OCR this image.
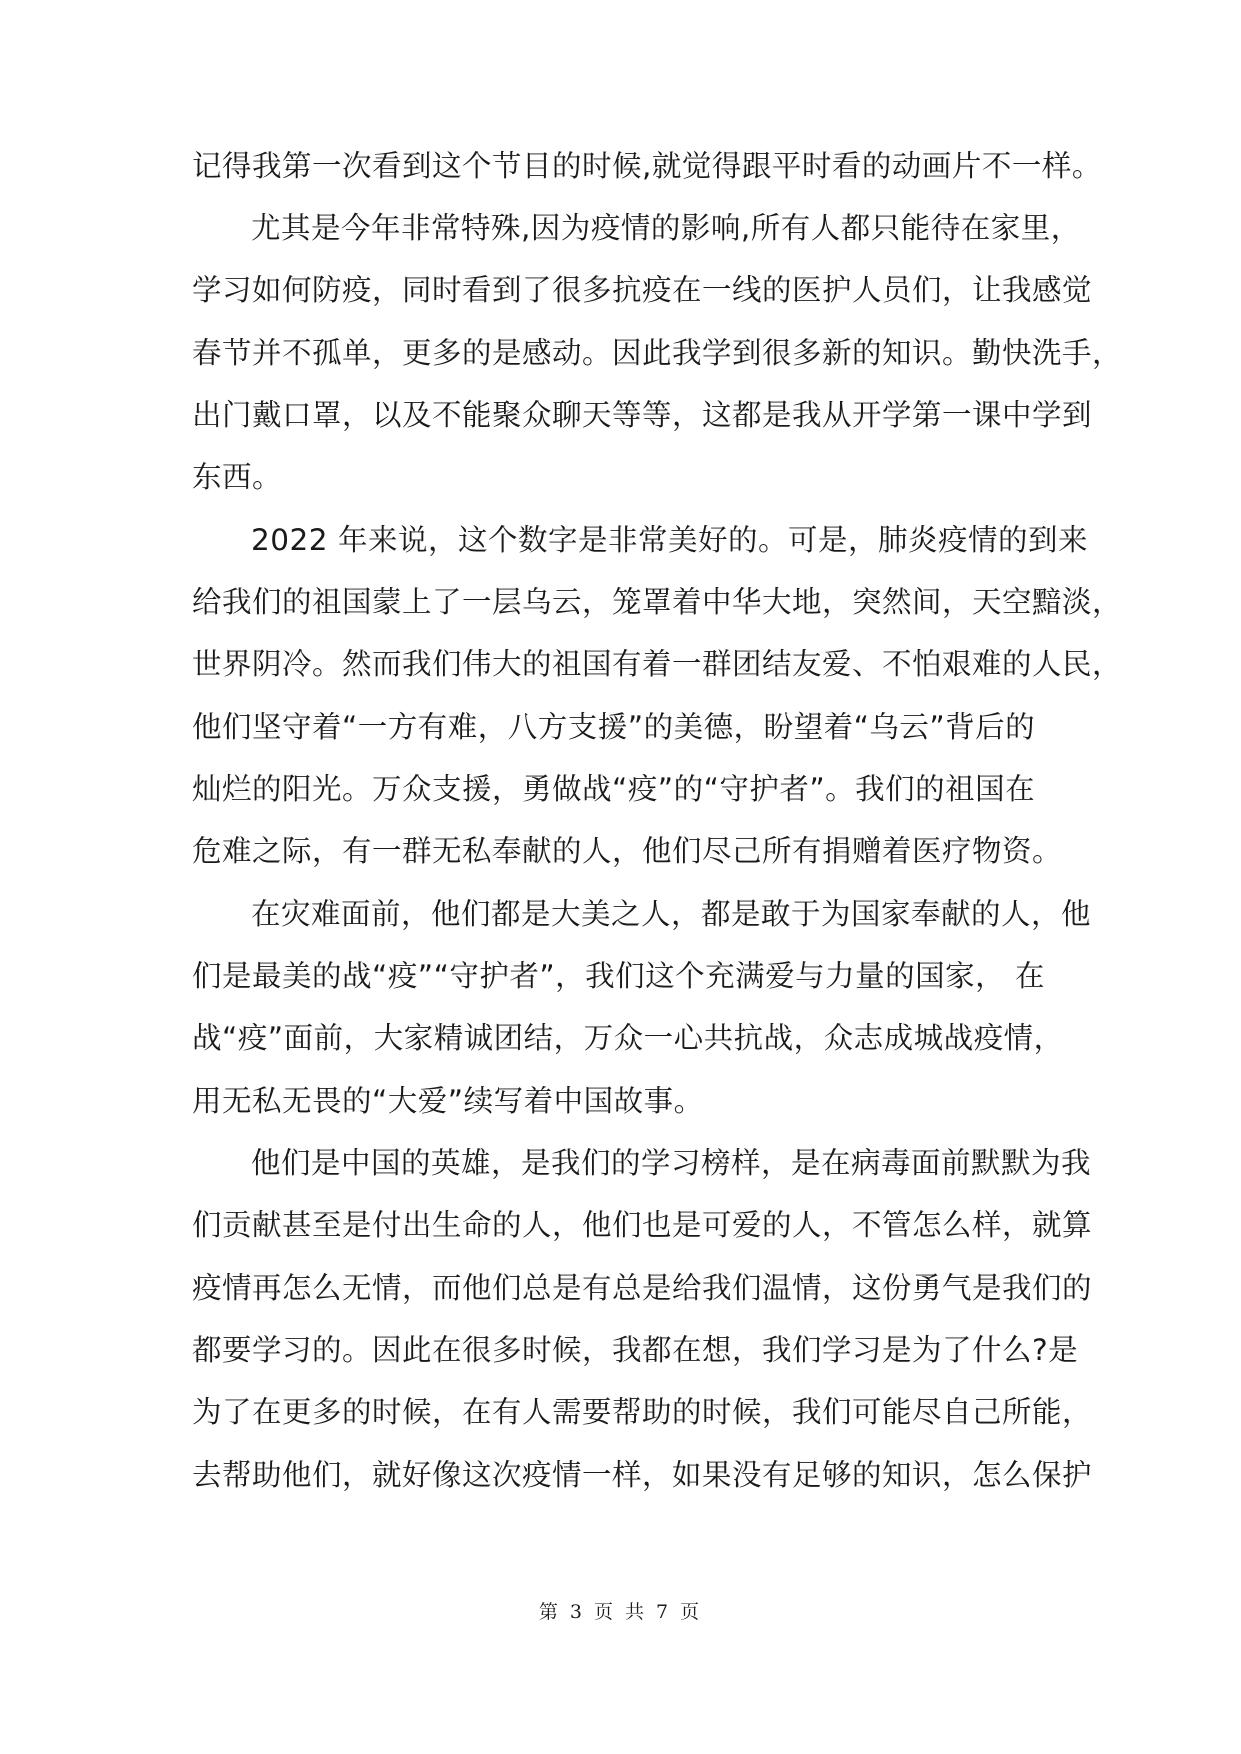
记得我第一次看到这个节目的时候,就觉得跟平时看的动画片不一样。
尤其是今年非常特殊,因为疫情的影响,所有人都只能待在家里，
学习如何防疫，同时看到了很多抗疫在一线的医护人员们，让我感觉
春节并不孤单，更多的是感动。因此我学到很多新的知识。勤快洗手，
出门戴口罩，以及不能聚众聊天等等，这都是我从开学第一课中学到
东西。
2022 年来说，这个数字是非常美好的。可是，肺炎疫情的到来
给我们的祖国蒙上了一层乌云，笼罩着中华大地，突然间，天空黯淡，
世界阴冷。然而我们伟大的祖国有着一群团结友爱、不怕艰难的人民，
他们坚守着“一方有难，八方支援”的美德，盼望着“乌云”背后的
灿烂的阳光。万众支援，勇做战“疫”的“守护者”。我们的祖国在
危难之际，有一群无私奉献的人，他们尽己所有捐赠着医疗物资。
在灾难面前，他们都是大美之人，都是敢于为国家奉献的人，他
们是最美的战“疫”“守护者”，我们这个充满爱与力量的国家， 在
战“疫”面前，大家精诚团结，万众一心共抗战，众志成城战疫情，
用无私无畏的“大爱”续写着中国故事。
他们是中国的英雄，是我们的学习榜样，是在病毒面前默默为我
们贡献甚至是付出生命的人，他们也是可爱的人，不管怎么样，就算
疫情再怎么无情，而他们总是有总是给我们温情，这份勇气是我们的
都要学习的。因此在很多时候，我都在想，我们学习是为了什么?是
为了在更多的时候，在有人需要帮助的时候，我们可能尽自己所能，
去帮助他们，就好像这次疫情一样，如果没有足够的知识，怎么保护
第 3 页 共 7 页
